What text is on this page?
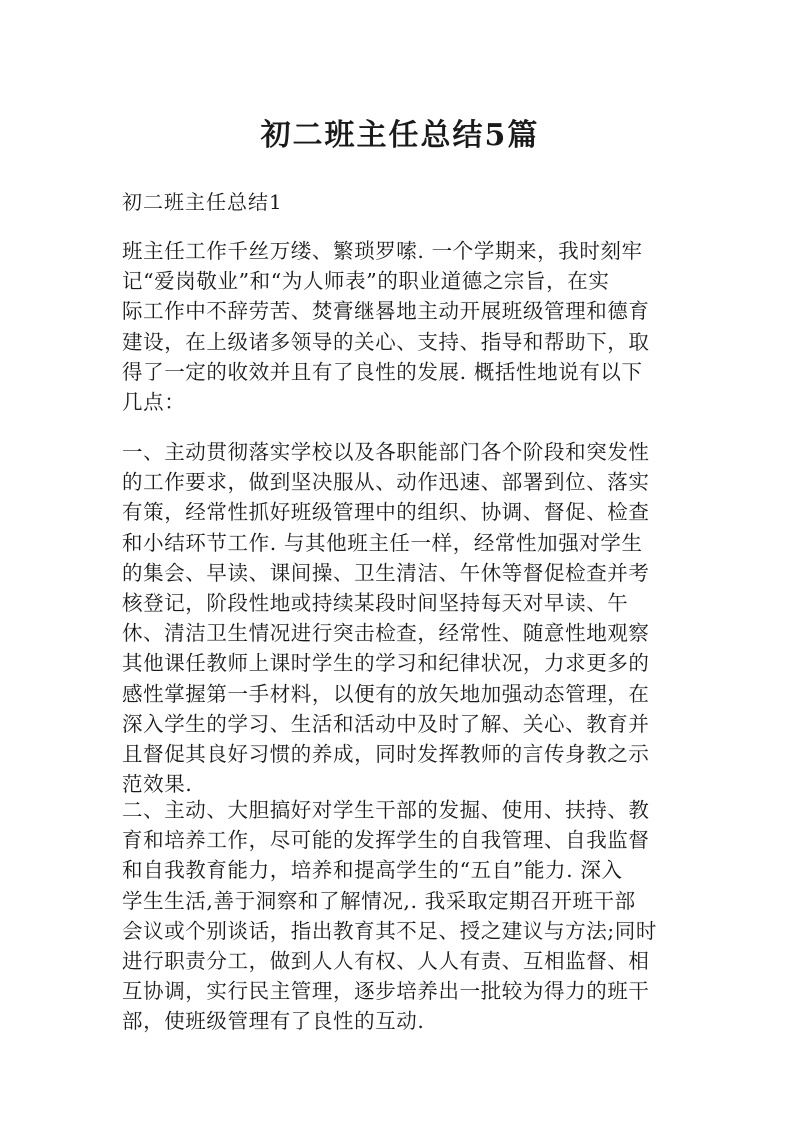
初二班主任总结5篇

初二班主任总结1

班主任工作千丝万缕、繁琐罗嗦. 一个学期来，我时刻牢
记“爱岗敬业”和“为人师表”的职业道德之宗旨，在实
际工作中不辞劳苦、焚膏继晷地主动开展班级管理和德育
建设，在上级诸多领导的关心、支持、指导和帮助下，取
得了一定的收效并且有了良性的发展. 概括性地说有以下
几点：

一、主动贯彻落实学校以及各职能部门各个阶段和突发性
的工作要求，做到坚决服从、动作迅速、部署到位、落实
有策，经常性抓好班级管理中的组织、协调、督促、检查
和小结环节工作. 与其他班主任一样，经常性加强对学生
的集会、早读、课间操、卫生清洁、午休等督促检查并考
核登记，阶段性地或持续某段时间坚持每天对早读、午
休、清洁卫生情况进行突击检查，经常性、随意性地观察
其他课任教师上课时学生的学习和纪律状况，力求更多的
感性掌握第一手材料，以便有的放矢地加强动态管理，在
深入学生的学习、生活和活动中及时了解、关心、教育并
且督促其良好习惯的养成，同时发挥教师的言传身教之示
范效果.

二、主动、大胆搞好对学生干部的发掘、使用、扶持、教
育和培养工作，尽可能的发挥学生的自我管理、自我监督
和自我教育能力，培养和提高学生的“五自”能力. 深入
学生生活,善于洞察和了解情况,. 我采取定期召开班干部
会议或个别谈话，指出教育其不足、授之建议与方法;同时
进行职责分工，做到人人有权、人人有责、互相监督、相
互协调，实行民主管理，逐步培养出一批较为得力的班干
部，使班级管理有了良性的互动.
